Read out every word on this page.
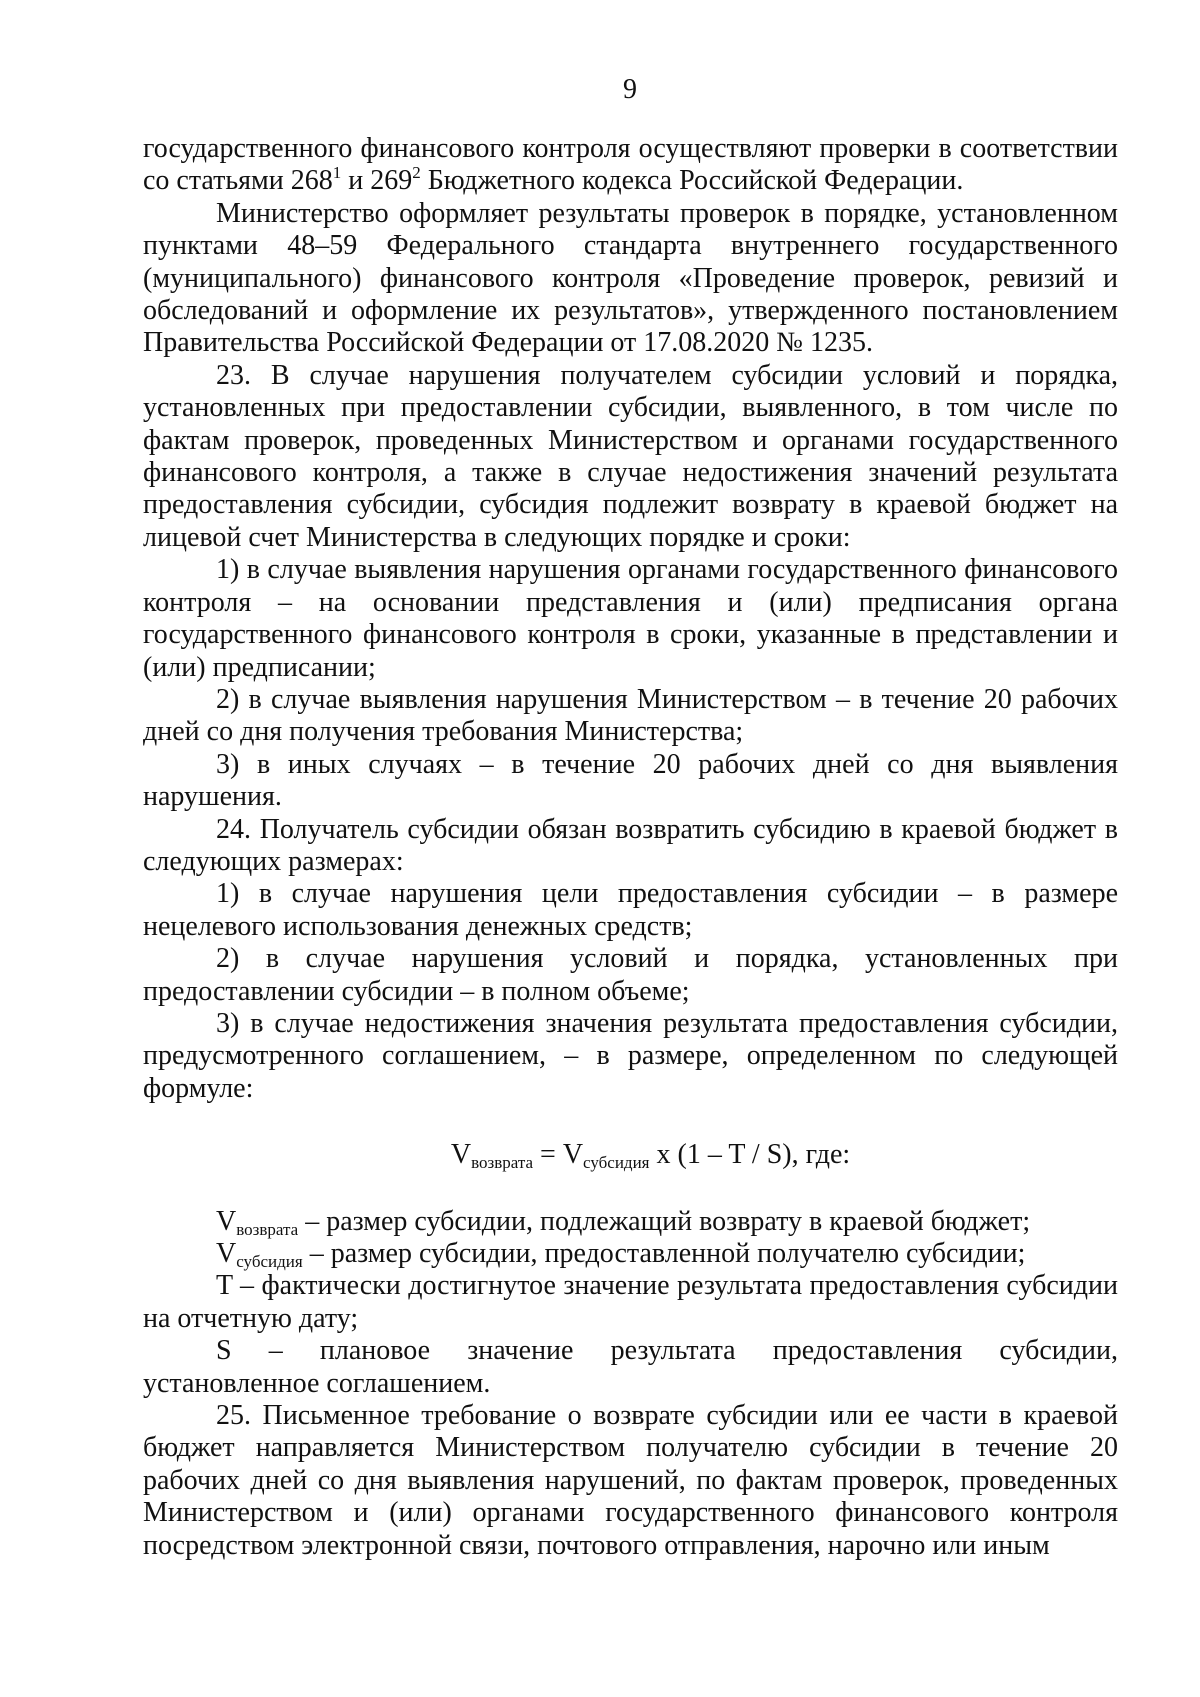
9

государственного финансового контроля осуществляют проверки в соответствии со статьями $268^1$ и $269^2$ Бюджетного кодекса Российской Федерации.

Министерство оформляет результаты проверок в порядке, установленном пунктами 48–59 Федерального стандарта внутреннего государственного (муниципального) финансового контроля «Проведение проверок, ревизий и обследований и оформление их результатов», утвержденного постановлением Правительства Российской Федерации от 17.08.2020 № 1235.

23. В случае нарушения получателем субсидии условий и порядка, установленных при предоставлении субсидии, выявленного, в том числе по фактам проверок, проведенных Министерством и органами государственного финансового контроля, а также в случае недостижения значений результата предоставления субсидии, субсидия подлежит возврату в краевой бюджет на лицевой счет Министерства в следующих порядке и сроки:

1) в случае выявления нарушения органами государственного финансового контроля – на основании представления и (или) предписания органа государственного финансового контроля в сроки, указанные в представлении и (или) предписании;

2) в случае выявления нарушения Министерством – в течение 20 рабочих дней со дня получения требования Министерства;

3) в иных случаях – в течение 20 рабочих дней со дня выявления нарушения.

24. Получатель субсидии обязан возвратить субсидию в краевой бюджет в следующих размерах:

1) в случае нарушения цели предоставления субсидии – в размере нецелевого использования денежных средств;

2) в случае нарушения условий и порядка, установленных при предоставлении субсидии – в полном объеме;

3) в случае недостижения значения результата предоставления субсидии, предусмотренного соглашением, – в размере, определенном по следующей формуле:

$V_{возврата} = V_{субсидия}$ x (1 – T / S), где:

$V_{возврата}$ – размер субсидии, подлежащий возврату в краевой бюджет;

$V_{субсидия}$ – размер субсидии, предоставленной получателю субсидии;

T – фактически достигнутое значение результата предоставления субсидии на отчетную дату;

S – плановое значение результата предоставления субсидии, установленное соглашением.

25. Письменное требование о возврате субсидии или ее части в краевой бюджет направляется Министерством получателю субсидии в течение 20 рабочих дней со дня выявления нарушений, по фактам проверок, проведенных Министерством и (или) органами государственного финансового контроля посредством электронной связи, почтового отправления, нарочно или иным
